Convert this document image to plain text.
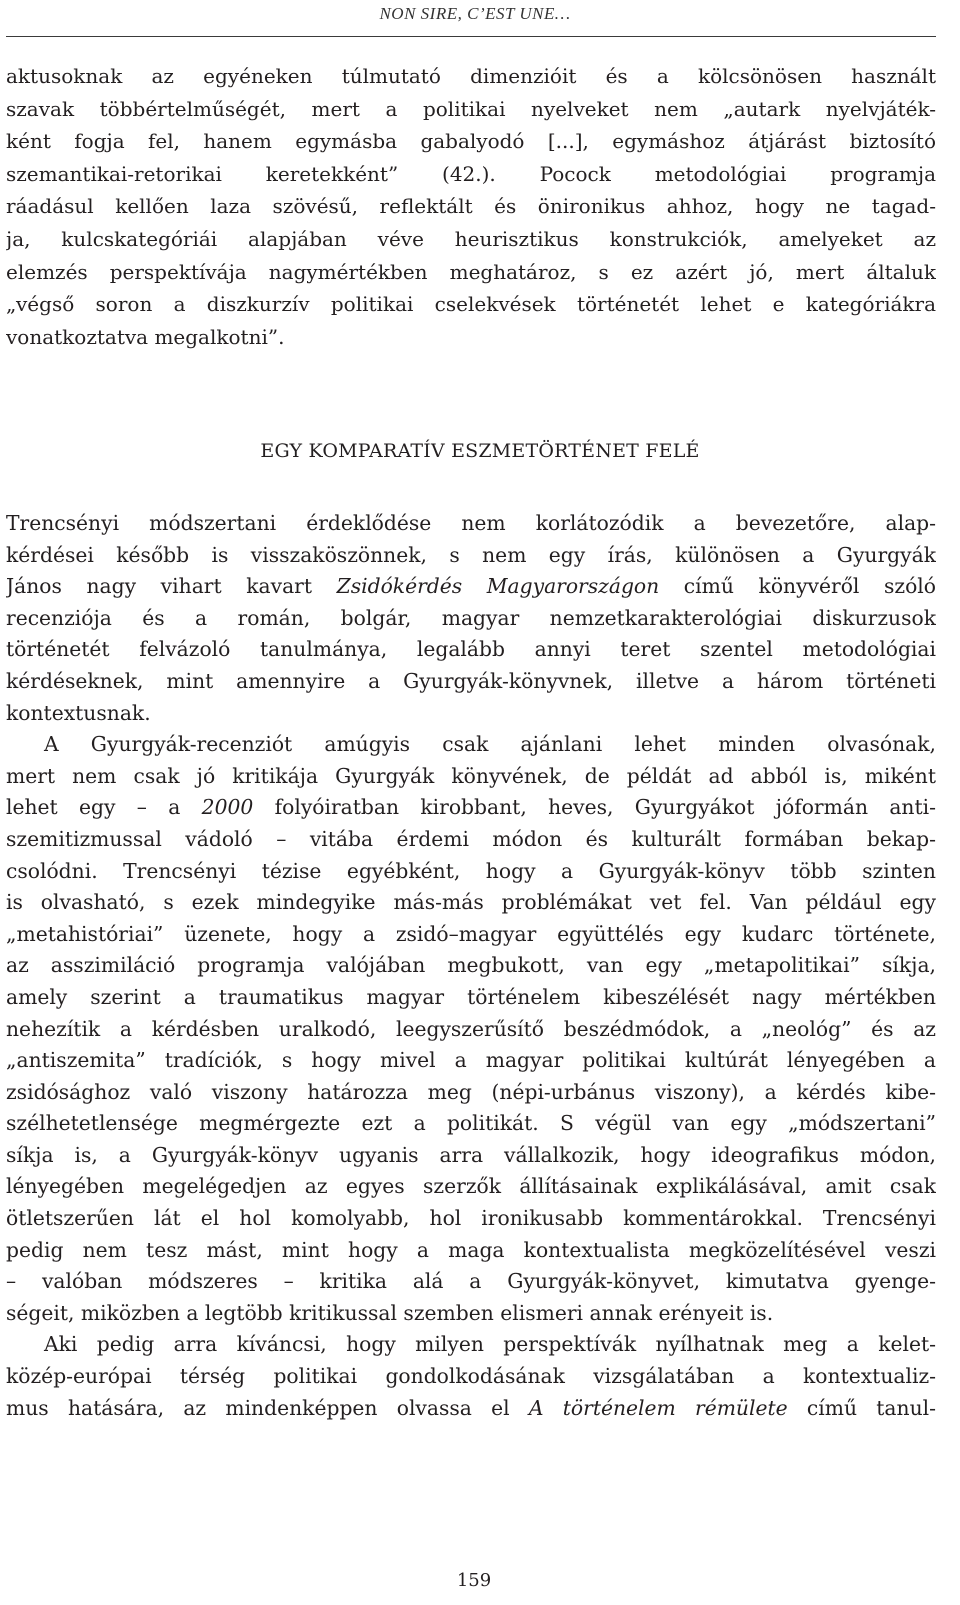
NON SIRE, C’EST UNE…
aktusoknak az egyéneken túlmutató dimenzióit és a kölcsönösen használt
szavak többértelműségét, mert a politikai nyelveket nem „autark nyelvjáték-
ként fogja fel, hanem egymásba gabalyodó [...], egymáshoz átjárást biztosító
szemantikai-retorikai keretekként” (42.). Pocock metodológiai programja
ráadásul kellően laza szövésű, reflektált és önironikus ahhoz, hogy ne tagad-
ja, kulcskategóriái alapjában véve heurisztikus konstrukciók, amelyeket az
elemzés perspektívája nagymértékben meghatároz, s ez azért jó, mert általuk
„végső soron a diszkurzív politikai cselekvések történetét lehet e kategóriákra
vonatkoztatva megalkotni”.
EGY KOMPARATÍV ESZMETÖRTÉNET FELÉ
Trencsényi módszertani érdeklődése nem korlátozódik a bevezetőre, alap-
kérdései később is visszaköszönnek, s nem egy írás, különösen a Gyurgyák
János nagy vihart kavart Zsidókérdés Magyarországon című könyvéről szóló
recenziója és a román, bolgár, magyar nemzetkarakterológiai diskurzusok
történetét felvázoló tanulmánya, legalább annyi teret szentel metodológiai
kérdéseknek, mint amennyire a Gyurgyák-könyvnek, illetve a három történeti
kontextusnak.
A Gyurgyák-recenziót amúgyis csak ajánlani lehet minden olvasónak,
mert nem csak jó kritikája Gyurgyák könyvének, de példát ad abból is, miként
lehet egy – a 2000 folyóiratban kirobbant, heves, Gyurgyákot jóformán anti-
szemitizmussal vádoló – vitába érdemi módon és kulturált formában bekap-
csolódni. Trencsényi tézise egyébként, hogy a Gyurgyák-könyv több szinten
is olvasható, s ezek mindegyike más-más problémákat vet fel. Van például egy
„metahistóriai” üzenete, hogy a zsidó–magyar együttélés egy kudarc története,
az asszimiláció programja valójában megbukott, van egy „metapolitikai” síkja,
amely szerint a traumatikus magyar történelem kibeszélését nagy mértékben
nehezítik a kérdésben uralkodó, leegyszerűsítő beszédmódok, a „neológ” és az
„antiszemita” tradíciók, s hogy mivel a magyar politikai kultúrát lényegében a
zsidósághoz való viszony határozza meg (népi-urbánus viszony), a kérdés kibe-
szélhetetlensége megmérgezte ezt a politikát. S végül van egy „módszertani”
síkja is, a Gyurgyák-könyv ugyanis arra vállalkozik, hogy ideografikus módon,
lényegében megelégedjen az egyes szerzők állításainak explikálásával, amit csak
ötletszerűen lát el hol komolyabb, hol ironikusabb kommentárokkal. Trencsényi
pedig nem tesz mást, mint hogy a maga kontextualista megközelítésével veszi
– valóban módszeres – kritika alá a Gyurgyák-könyvet, kimutatva gyenge-
ségeit, miközben a legtöbb kritikussal szemben elismeri annak erényeit is.
Aki pedig arra kíváncsi, hogy milyen perspektívák nyílhatnak meg a kelet-
közép-európai térség politikai gondolkodásának vizsgálatában a kontextualiz-
mus hatására, az mindenképpen olvassa el A történelem rémülete című tanul-
159
